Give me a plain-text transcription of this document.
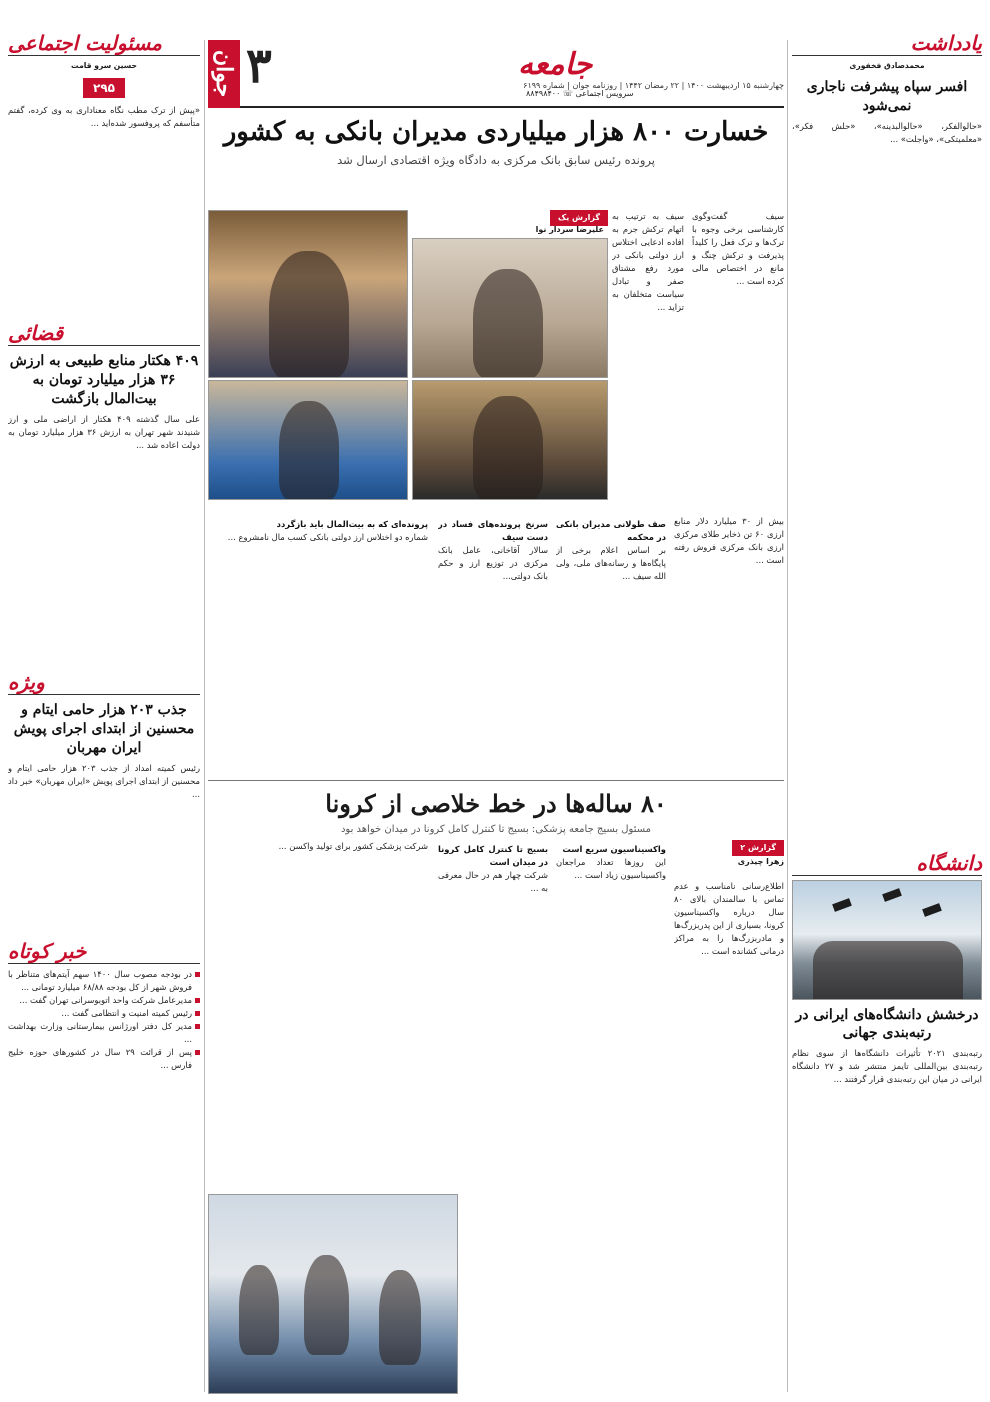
جوان ۳	جامعه
سرویس اجتماعی ☏ ۸۸۴۹۸۴۰۰
چهارشنبه ۱۵ اردیبهشت ۱۴۰۰ | ۲۲ رمضان ۱۴۴۲ | روزنامه جوان | شماره ۶۱۹۹
خسارت ۸۰۰ هزار میلیاردی مدیران بانکی به کشور
پرونده رئیس سابق بانک مرکزی به دادگاه ویژه اقتصادی ارسال شد
سیف گفت‌وگوی کارشناسی برخی وجوه با ترک‌ها و ترک فعل را کلیداً پذیرفت و ترکش چنگ و مانع در اختصاص مالی کرده است ...
سیف به ترتیب به اتهام ترکش جرم به افاده ادعایی اختلاس ارز دولتی بانکی در مورد رفع مشتاق صفر و تبادل سیاست متخلفان به تزاید ...
گزارش یک
علیرضا سردار نوا
بیش از ۳۰ میلیارد دلار منابع ارزی ۶۰ تن ذخایر طلای مرکزی ارزی بانک مرکزی فروش رفته است ...
صف طولانی مدیران بانکی در محکمه
بر اساس اعلام برخی از پایگاه‌ها و رسانه‌های ملی، ولی الله سیف ...
سرنخ پرونده‌های فساد در دست سیف
سالار آقاخانی، عامل بانک مرکزی در توزیع ارز و حکم بانک دولتی...
پرونده‌ای که به بیت‌المال باید بازگردد
شماره دو اختلاس ارز دولتی بانکی کسب مال نامشروع ...
۸۰ ساله‌ها در خط خلاصی از کرونا
مسئول بسیج جامعه پزشکی: بسیج تا کنترل کامل کرونا در میدان خواهد بود
گزارش ۲
زهرا چیذری
اطلاع‌رسانی نامناسب و عدم تماس با سالمندان بالای ۸۰ سال درباره واکسیناسیون کرونا، بسیاری از این پدربزرگ‌ها و مادربزرگ‌ها را به مراکز درمانی کشانده است ...
واکسیناسیون سریع است
این روزها تعداد مراجعان واکسیناسیون زیاد است ...
بسیج تا کنترل کامل کرونا در میدان است
شرکت چهار هم در حال معرفی به ...
شرکت پزشکی کشور برای تولید واکسن ...
یادداشت
محمدصادق فخفوری
افسر سپاه پیشرفت ناجاری نمی‌شود
«حالوالفکر، «حالوالبدینه»، «حلش فکر»، «معلمیتکی»، «واجلت» ...
دانشگاه
درخشش دانشگاه‌های ایرانی در رتبه‌بندی جهانی
رتبه‌بندی ۲۰۲۱ تأثیرات دانشگاه‌ها از سوی نظام رتبه‌بندی بین‌المللی تایمز منتشر شد و ۲۷ دانشگاه ایرانی در میان این رتبه‌بندی قرار گرفتند ...
مسئولیت اجتماعی
حسین سرو قامت
۲۹۵
«پیش از ترک مطب نگاه معناداری به وی کرده، گفتم متأسفم که پروفسور شده‌اید ...
قضائی
۴۰۹ هکتار منابع طبیعی به ارزش ۳۶ هزار میلیارد تومان به بیت‌المال بازگشت
علی سال گذشته ۴۰۹ هکتار از اراضی ملی و ارز شنیدند شهر تهران به ارزش ۳۶ هزار میلیارد تومان به دولت اعاده شد ...
ویژه
جذب ۲۰۳ هزار حامی ایتام و محسنین از ابتدای اجرای پویش ایران مهربان
رئیس کمیته امداد از جذب ۲۰۳ هزار حامی ایتام و محسنین از ابتدای اجرای پویش «ایران مهربان» خبر داد ...
خبر کوتاه
در بودجه مصوب سال ۱۴۰۰ سهم آیتم‌های متناظر با فروش شهر از کل بودجه ۶۸/۸۸ میلیارد تومانی ...
مدیرعامل شرکت واحد اتوبوسرانی تهران گفت ...
رئیس کمیته امنیت و انتظامی گفت ...
مدیر کل دفتر اورژانس بیمارستانی وزارت بهداشت ...
پس از قرائت ۲۹ سال در کشورهای حوزه خلیج فارس ...
